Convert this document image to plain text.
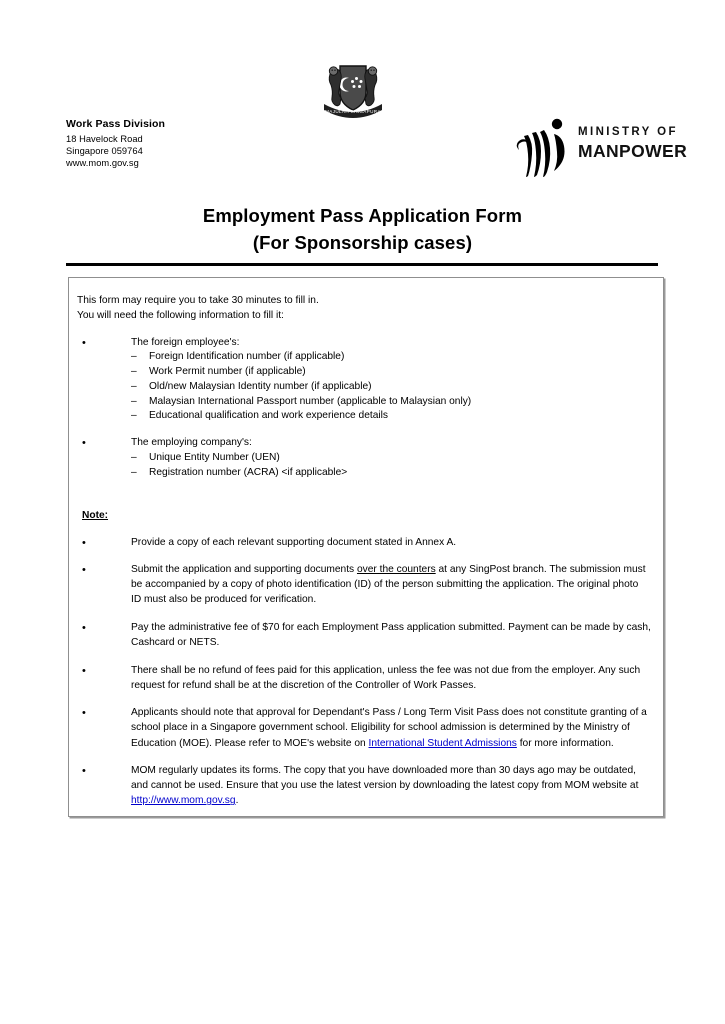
MAJULAH SINGAPURA
Work Pass Division
18 Havelock Road
Singapore 059764
www.mom.gov.sg
MINISTRY OF
MANPOWER
Employment Pass Application Form
(For Sponsorship cases)

This form may require you to take 30 minutes to fill in.

You will need the following information to fill it:

•	The foreign employee's:
– Foreign Identification number (if applicable)
– Work Permit number (if applicable)
– Old/new Malaysian Identity number (if applicable)
– Malaysian International Passport number (applicable to Malaysian only)
– Educational qualification and work experience details
•	The employing company's:
– Unique Entity Number (UEN)
– Registration number (ACRA) <if applicable>
Note:
•	Provide a copy of each relevant supporting document stated in Annex A.
•	Submit the application and supporting documents over the counters at any SingPost branch. The submission must be accompanied by a copy of photo identification (ID) of the person submitting the application. The original photo ID must also be produced for verification.
•	Pay the administrative fee of $70 for each Employment Pass application submitted. Payment can be made by cash, Cashcard or NETS.
•	There shall be no refund of fees paid for this application, unless the fee was not due from the employer. Any such request for refund shall be at the discretion of the Controller of Work Passes.
•	Applicants should note that approval for Dependant's Pass / Long Term Visit Pass does not constitute granting of a school place in a Singapore government school. Eligibility for school admission is determined by the Ministry of Education (MOE). Please refer to MOE's website on International Student Admissions for more information.
•	MOM regularly updates its forms. The copy that you have downloaded more than 30 days ago may be outdated, and cannot be used. Ensure that you use the latest version by downloading the latest copy from MOM website at http://www.mom.gov.sg.
